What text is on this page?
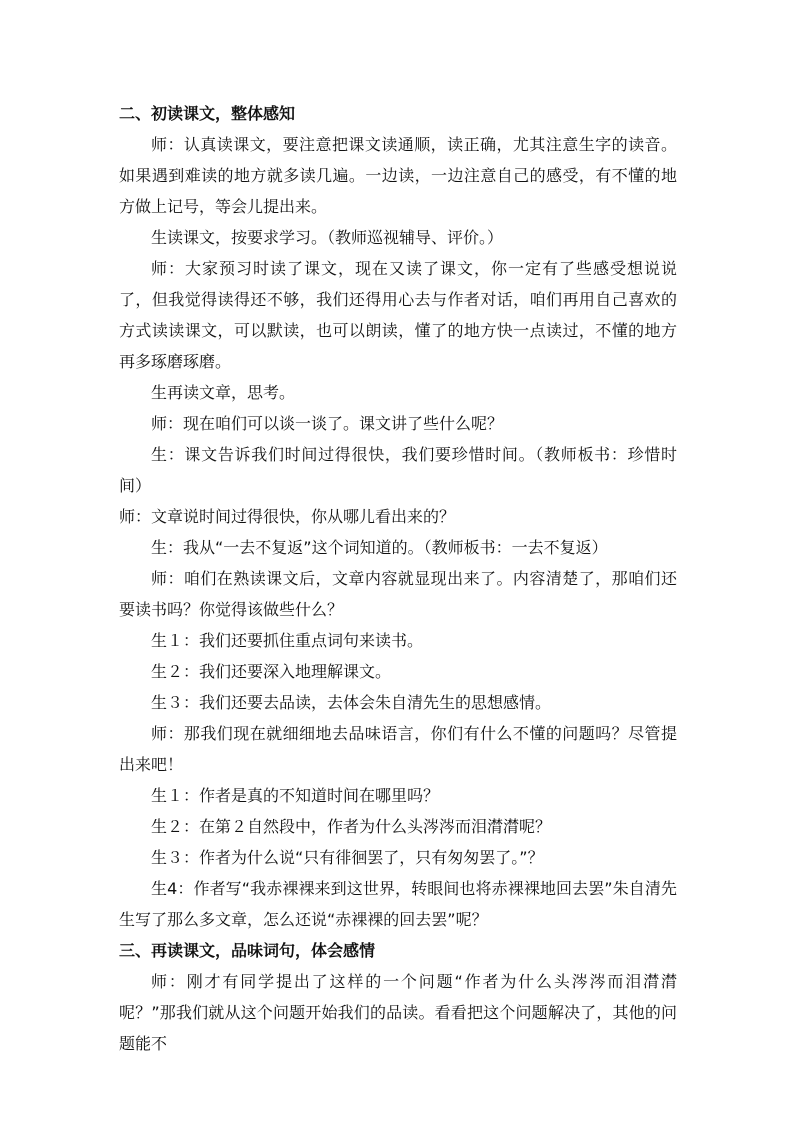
二、初读课文，整体感知

师：认真读课文，要注意把课文读通顺，读正确，尤其注意生字的读音。如果遇到难读的地方就多读几遍。一边读，一边注意自己的感受，有不懂的地方做上记号，等会儿提出来。

生读课文，按要求学习。（教师巡视辅导、评价。）

师：大家预习时读了课文，现在又读了课文，你一定有了些感受想说说了，但我觉得读得还不够，我们还得用心去与作者对话，咱们再用自己喜欢的方式读读课文，可以默读，也可以朗读，懂了的地方快一点读过，不懂的地方再多琢磨琢磨。

生再读文章，思考。

师：现在咱们可以谈一谈了。课文讲了些什么呢？

生：课文告诉我们时间过得很快，我们要珍惜时间。（教师板书：珍惜时间）

师：文章说时间过得很快，你从哪儿看出来的？

生：我从“一去不复返”这个词知道的。（教师板书：一去不复返）

师：咱们在熟读课文后，文章内容就显现出来了。内容清楚了，那咱们还要读书吗？你觉得该做些什么？

生１：我们还要抓住重点词句来读书。

生２：我们还要深入地理解课文。

生３：我们还要去品读，去体会朱自清先生的思想感情。

师：那我们现在就细细地去品味语言，你们有什么不懂的问题吗？尽管提出来吧！

生１：作者是真的不知道时间在哪里吗？

生２：在第２自然段中，作者为什么头涔涔而泪潸潸呢？

生３：作者为什么说“只有徘徊罢了，只有匆匆罢了。”？

生4：作者写“我赤裸裸来到这世界，转眼间也将赤裸裸地回去罢”朱自清先生写了那么多文章，怎么还说“赤裸裸的回去罢”呢？

三、再读课文，品味词句，体会感情

师：刚才有同学提出了这样的一个问题“作者为什么头涔涔而泪潸潸呢？”那我们就从这个问题开始我们的品读。看看把这个问题解决了，其他的问题能不
